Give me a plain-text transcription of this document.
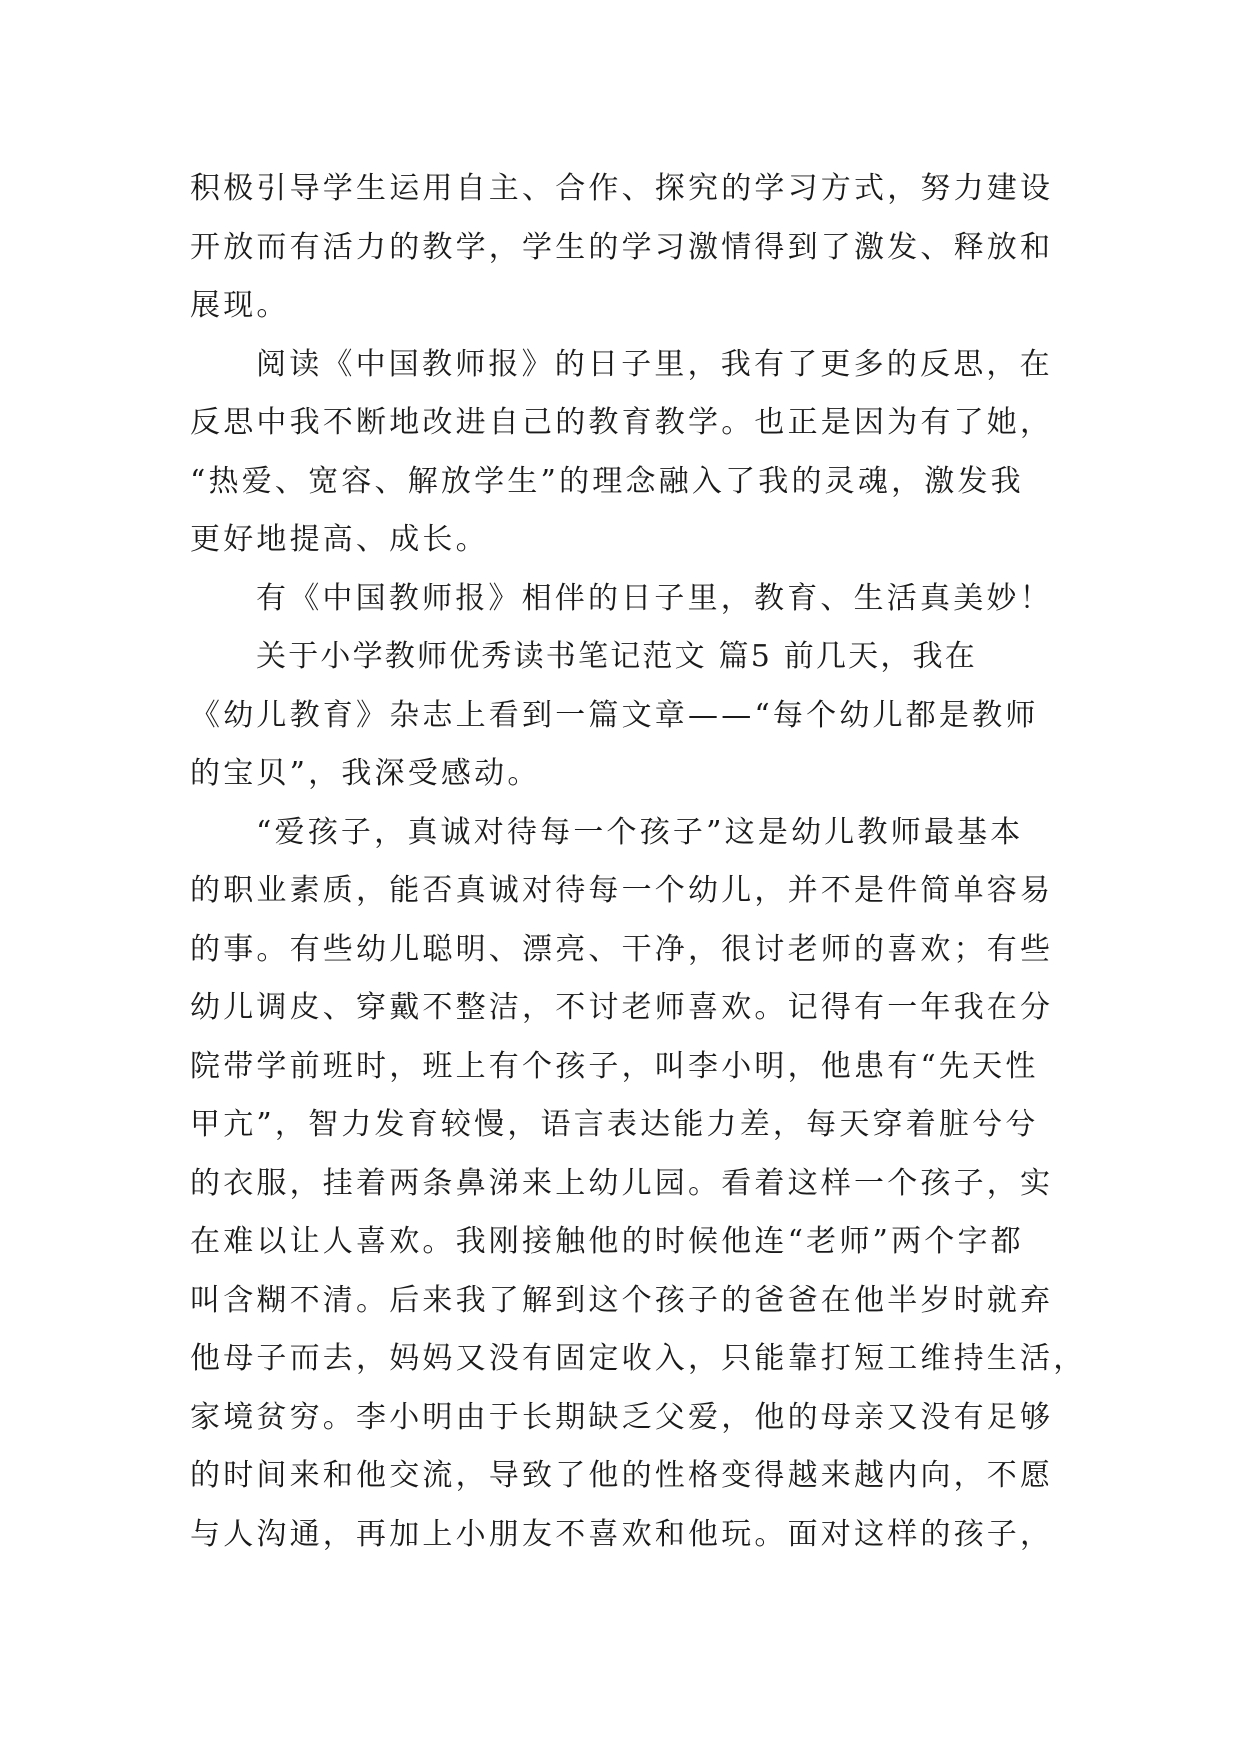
积极引导学生运用自主、合作、探究的学习方式，努力建设
开放而有活力的教学，学生的学习激情得到了激发、释放和
展现。
阅读《中国教师报》的日子里，我有了更多的反思，在
反思中我不断地改进自己的教育教学。也正是因为有了她，
“热爱、宽容、解放学生”的理念融入了我的灵魂，激发我
更好地提高、成长。
有《中国教师报》相伴的日子里，教育、生活真美妙！
关于小学教师优秀读书笔记范文 篇5 前几天，我在
《幼儿教育》杂志上看到一篇文章——“每个幼儿都是教师
的宝贝”，我深受感动。
“爱孩子，真诚对待每一个孩子”这是幼儿教师最基本
的职业素质，能否真诚对待每一个幼儿，并不是件简单容易
的事。有些幼儿聪明、漂亮、干净，很讨老师的喜欢；有些
幼儿调皮、穿戴不整洁，不讨老师喜欢。记得有一年我在分
院带学前班时，班上有个孩子，叫李小明，他患有“先天性
甲亢”，智力发育较慢，语言表达能力差，每天穿着脏兮兮
的衣服，挂着两条鼻涕来上幼儿园。看着这样一个孩子，实
在难以让人喜欢。我刚接触他的时候他连“老师”两个字都
叫含糊不清。后来我了解到这个孩子的爸爸在他半岁时就弃
他母子而去，妈妈又没有固定收入，只能靠打短工维持生活，
家境贫穷。李小明由于长期缺乏父爱，他的母亲又没有足够
的时间来和他交流，导致了他的性格变得越来越内向，不愿
与人沟通，再加上小朋友不喜欢和他玩。面对这样的孩子，
